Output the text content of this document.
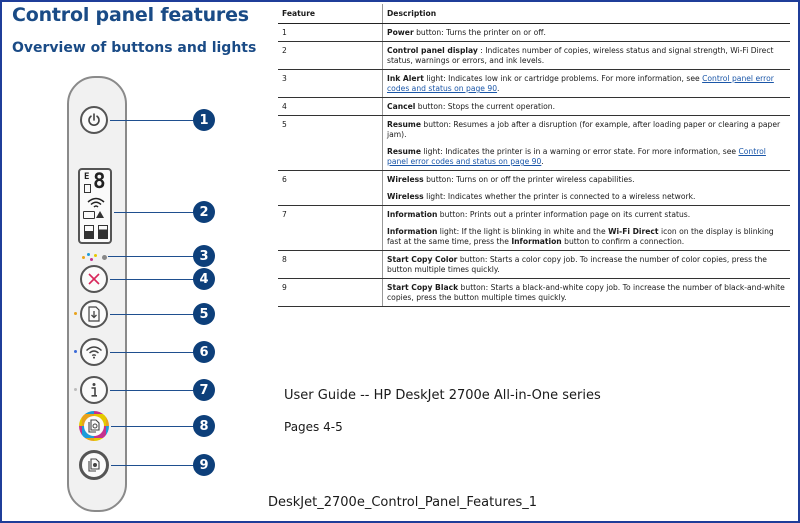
Control panel features
Overview of buttons and lights
E 8
1
2
3
4
5
6
7
8
9
Feature	Description
1	Power button: Turns the printer on or off.

2	Control panel display : Indicates number of copies, wireless status and signal strength, Wi-Fi Direct status, warnings or errors, and ink levels.

3	Ink Alert light: Indicates low ink or cartridge problems. For more information, see Control panel error codes and status on page 90.

4	Cancel button: Stops the current operation.

5	Resume button: Resumes a job after a disruption (for example, after loading paper or clearing a paper jam).

Resume light: Indicates the printer is in a warning or error state. For more information, see Control panel error codes and status on page 90.

6	Wireless button: Turns on or off the printer wireless capabilities.

Wireless light: Indicates whether the printer is connected to a wireless network.

7	Information button: Prints out a printer information page on its current status.

Information light: If the light is blinking in white and the Wi-Fi Direct icon on the display is blinking fast at the same time, press the Information button to confirm a connection.

8	Start Copy Color button: Starts a color copy job. To increase the number of color copies, press the button multiple times quickly.

9	Start Copy Black button: Starts a black-and-white copy job. To increase the number of black-and-white copies, press the button multiple times quickly.

User Guide -- HP DeskJet 2700e All-in-One series
Pages 4-5
DeskJet_2700e_Control_Panel_Features_1
